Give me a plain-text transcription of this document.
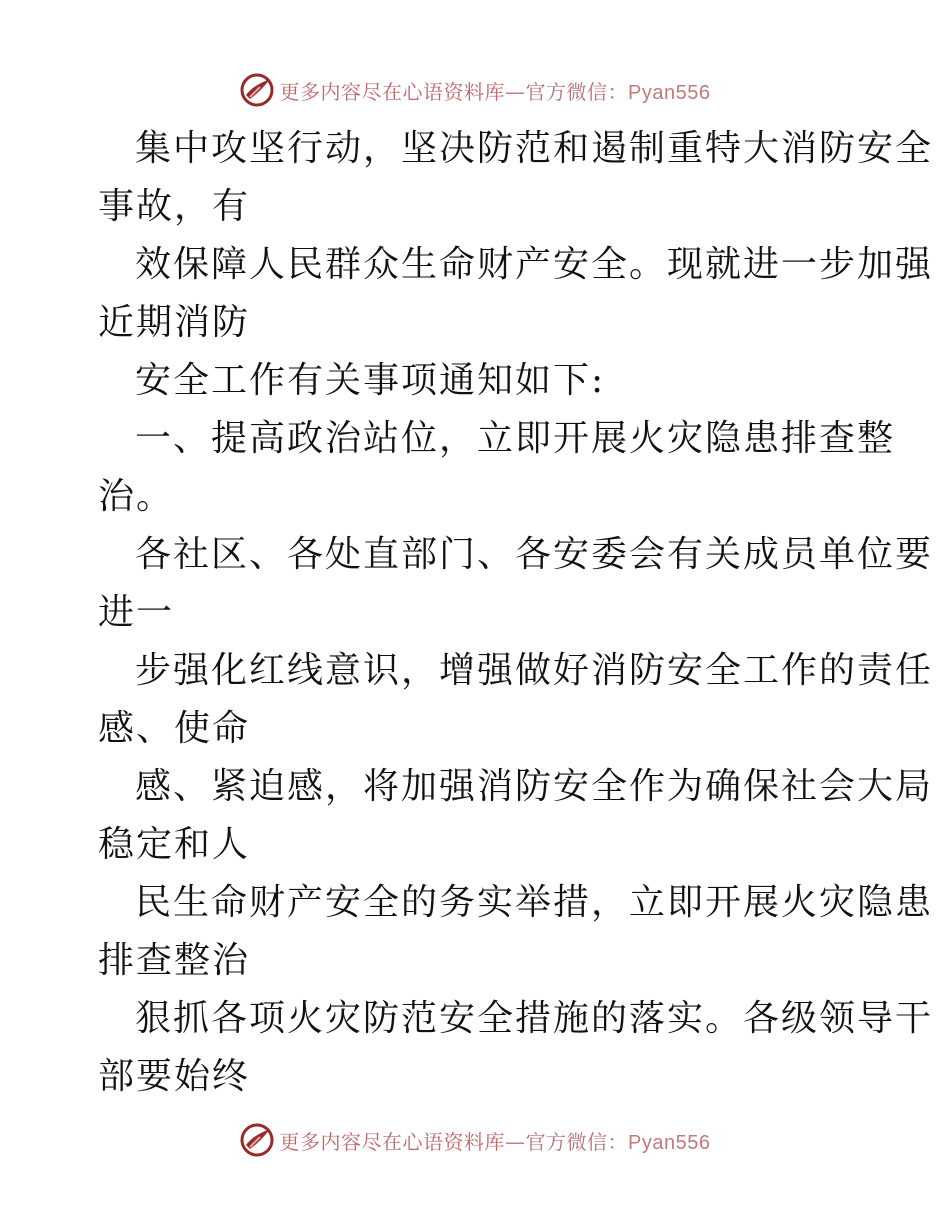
更多内容尽在心语资料库—官方微信：Pyan556
集中攻坚行动，坚决防范和遏制重特大消防安全
事故，有
效保障人民群众生命财产安全。现就进一步加强
近期消防
安全工作有关事项通知如下:
一、提高政治站位，立即开展火灾隐患排查整
治。
各社区、各处直部门、各安委会有关成员单位要
进一
步强化红线意识，增强做好消防安全工作的责任
感、使命
感、紧迫感，将加强消防安全作为确保社会大局
稳定和人
民生命财产安全的务实举措，立即开展火灾隐患
排查整治
狠抓各项火灾防范安全措施的落实。各级领导干
部要始终
更多内容尽在心语资料库—官方微信：Pyan556
